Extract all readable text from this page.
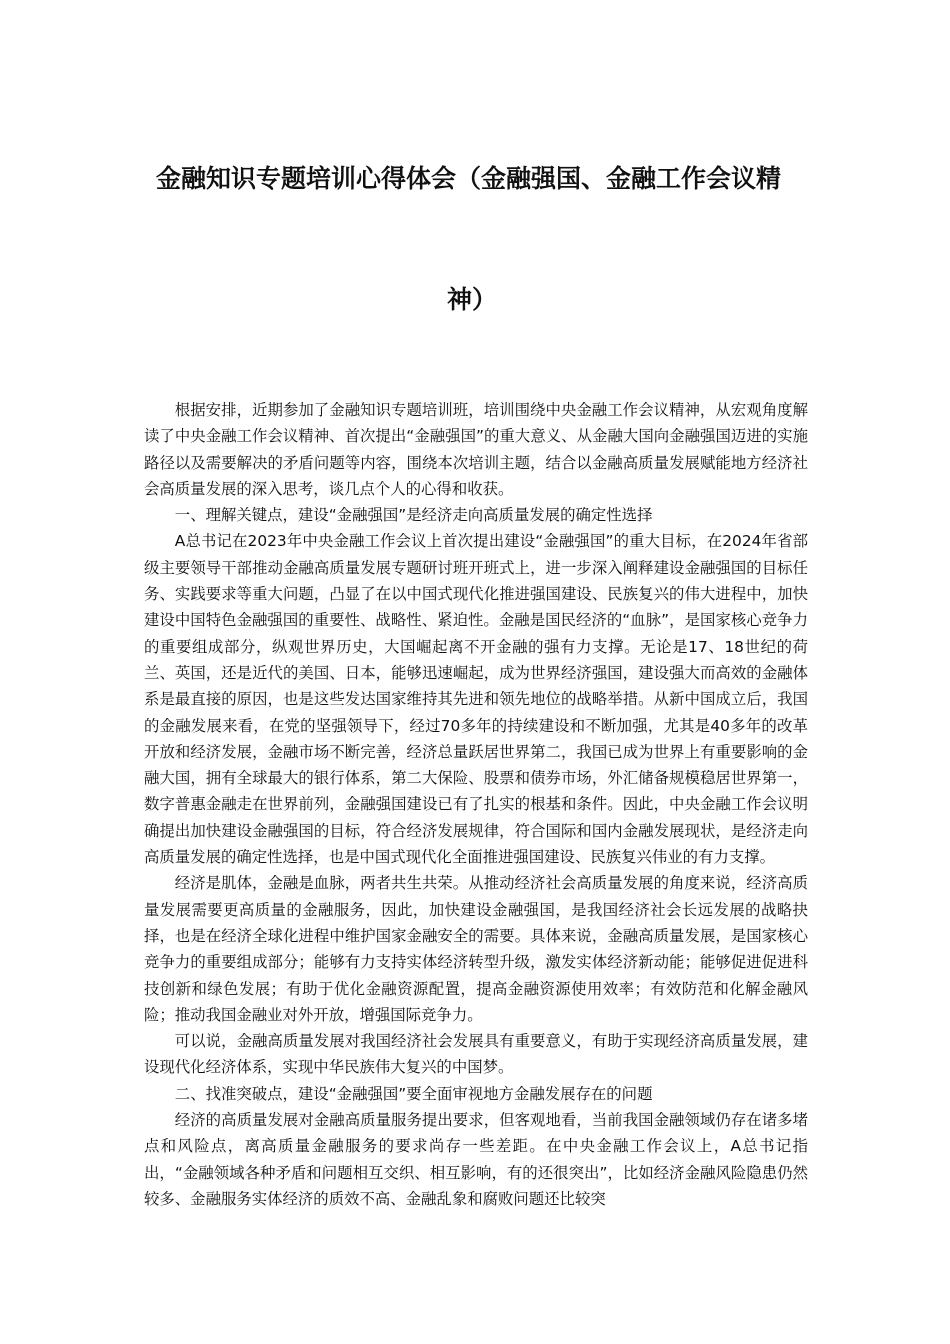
金融知识专题培训心得体会（金融强国、金融工作会议精
神）

根据安排，近期参加了金融知识专题培训班，培训围绕中央金融工作会议精神，从宏观角度解读了中央金融工作会议精神、首次提出“金融强国”的重大意义、从金融大国向金融强国迈进的实施路径以及需要解决的矛盾问题等内容，围绕本次培训主题，结合以金融高质量发展赋能地方经济社会高质量发展的深入思考，谈几点个人的心得和收获。

一、理解关键点，建设“金融强国”是经济走向高质量发展的确定性选择

A总书记在2023年中央金融工作会议上首次提出建设“金融强国”的重大目标，在2024年省部级主要领导干部推动金融高质量发展专题研讨班开班式上，进一步深入阐释建设金融强国的目标任务、实践要求等重大问题，凸显了在以中国式现代化推进强国建设、民族复兴的伟大进程中，加快建设中国特色金融强国的重要性、战略性、紧迫性。金融是国民经济的“血脉”，是国家核心竞争力的重要组成部分，纵观世界历史，大国崛起离不开金融的强有力支撑。无论是17、18世纪的荷兰、英国，还是近代的美国、日本，能够迅速崛起，成为世界经济强国，建设强大而高效的金融体系是最直接的原因，也是这些发达国家维持其先进和领先地位的战略举措。从新中国成立后，我国的金融发展来看，在党的坚强领导下，经过70多年的持续建设和不断加强，尤其是40多年的改革开放和经济发展，金融市场不断完善，经济总量跃居世界第二，我国已成为世界上有重要影响的金融大国，拥有全球最大的银行体系，第二大保险、股票和债券市场，外汇储备规模稳居世界第一，数字普惠金融走在世界前列，金融强国建设已有了扎实的根基和条件。因此，中央金融工作会议明确提出加快建设金融强国的目标，符合经济发展规律，符合国际和国内金融发展现状，是经济走向高质量发展的确定性选择，也是中国式现代化全面推进强国建设、民族复兴伟业的有力支撑。

经济是肌体，金融是血脉，两者共生共荣。从推动经济社会高质量发展的角度来说，经济高质量发展需要更高质量的金融服务，因此，加快建设金融强国，是我国经济社会长远发展的战略抉择，也是在经济全球化进程中维护国家金融安全的需要。具体来说，金融高质量发展，是国家核心竞争力的重要组成部分；能够有力支持实体经济转型升级，激发实体经济新动能；能够促进促进科技创新和绿色发展；有助于优化金融资源配置，提高金融资源使用效率；有效防范和化解金融风险；推动我国金融业对外开放，增强国际竞争力。

可以说，金融高质量发展对我国经济社会发展具有重要意义，有助于实现经济高质量发展，建设现代化经济体系，实现中华民族伟大复兴的中国梦。

二、找准突破点，建设“金融强国”要全面审视地方金融发展存在的问题

经济的高质量发展对金融高质量服务提出要求，但客观地看，当前我国金融领域仍存在诸多堵点和风险点，离高质量金融服务的要求尚存一些差距。在中央金融工作会议上，A总书记指出，“金融领域各种矛盾和问题相互交织、相互影响，有的还很突出”，比如经济金融风险隐患仍然较多、金融服务实体经济的质效不高、金融乱象和腐败问题还比较突
